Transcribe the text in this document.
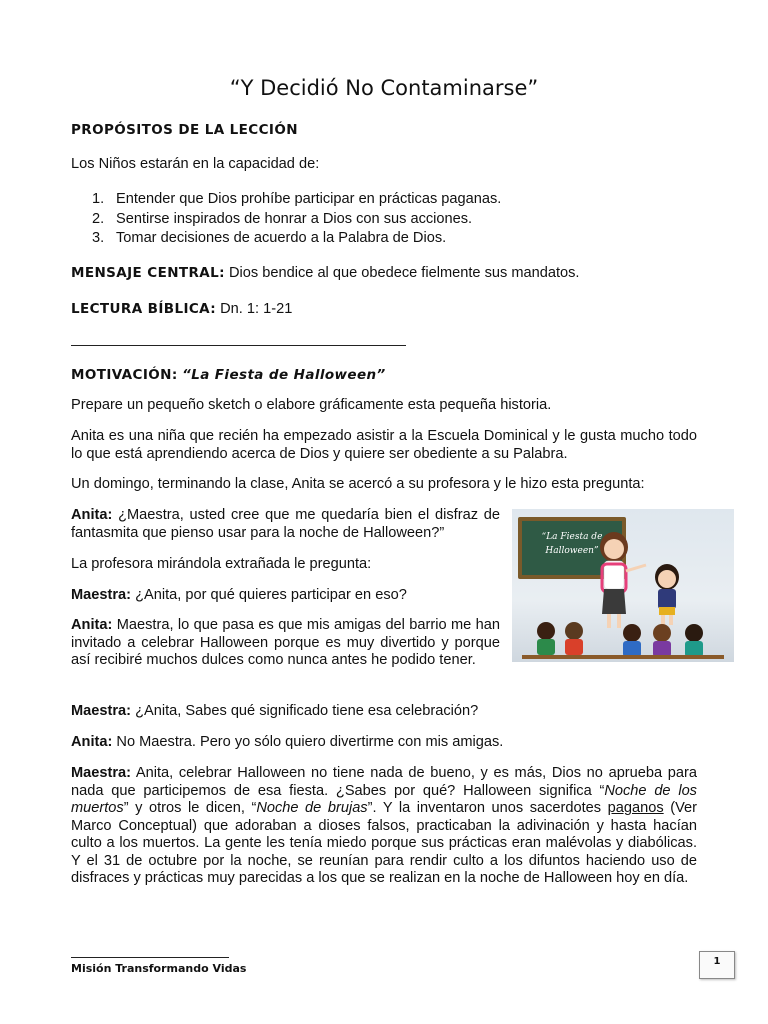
“Y Decidió No Contaminarse”
PROPÓSITOS DE LA LECCIÓN
Los Niños estarán en la capacidad de:
1. Entender que Dios prohíbe participar en prácticas paganas.
2. Sentirse inspirados de honrar a Dios con sus acciones.
3. Tomar decisiones de acuerdo a la Palabra de Dios.
MENSAJE CENTRAL: Dios bendice al que obedece fielmente sus mandatos.
LECTURA BÍBLICA: Dn. 1: 1-21
MOTIVACIÓN: “La Fiesta de Halloween”
Prepare un pequeño sketch o elabore gráficamente esta pequeña historia.
Anita es una niña que recién ha empezado asistir a la Escuela Dominical y le gusta mucho todo lo que está aprendiendo acerca de Dios y quiere ser obediente a su Palabra.
Un domingo, terminando la clase, Anita se acercó a su profesora y le hizo esta pregunta:
Anita: ¿Maestra, usted cree que me quedaría bien el disfraz de fantasmita que pienso usar para la noche de Halloween?”
La profesora mirándola extrañada le pregunta:
Maestra: ¿Anita, por qué quieres participar en eso?
Anita: Maestra, lo que pasa es que mis amigas del barrio me han invitado a celebrar Halloween porque es muy divertido y porque así recibiré muchos dulces como nunca antes he podido tener.
Maestra: ¿Anita, Sabes qué significado tiene esa celebración?
Anita: No Maestra. Pero yo sólo quiero divertirme con mis amigas.
Maestra: Anita, celebrar Halloween no tiene nada de bueno, y es más, Dios no aprueba para nada que participemos de esa fiesta. ¿Sabes por qué? Halloween significa “Noche de los muertos” y otros le dicen, “Noche de brujas”. Y la inventaron unos sacerdotes paganos (Ver Marco Conceptual) que adoraban a dioses falsos, practicaban la adivinación y hasta hacían culto a los muertos. La gente les tenía miedo porque sus prácticas eran malévolas y diabólicas. Y el 31 de octubre por la noche, se reunían para rendir culto a los difuntos haciendo uso de disfraces y prácticas muy parecidas a los que se realizan en la noche de Halloween hoy en día.
“La Fiesta de
Halloween”
Misión Transformando Vidas
1
